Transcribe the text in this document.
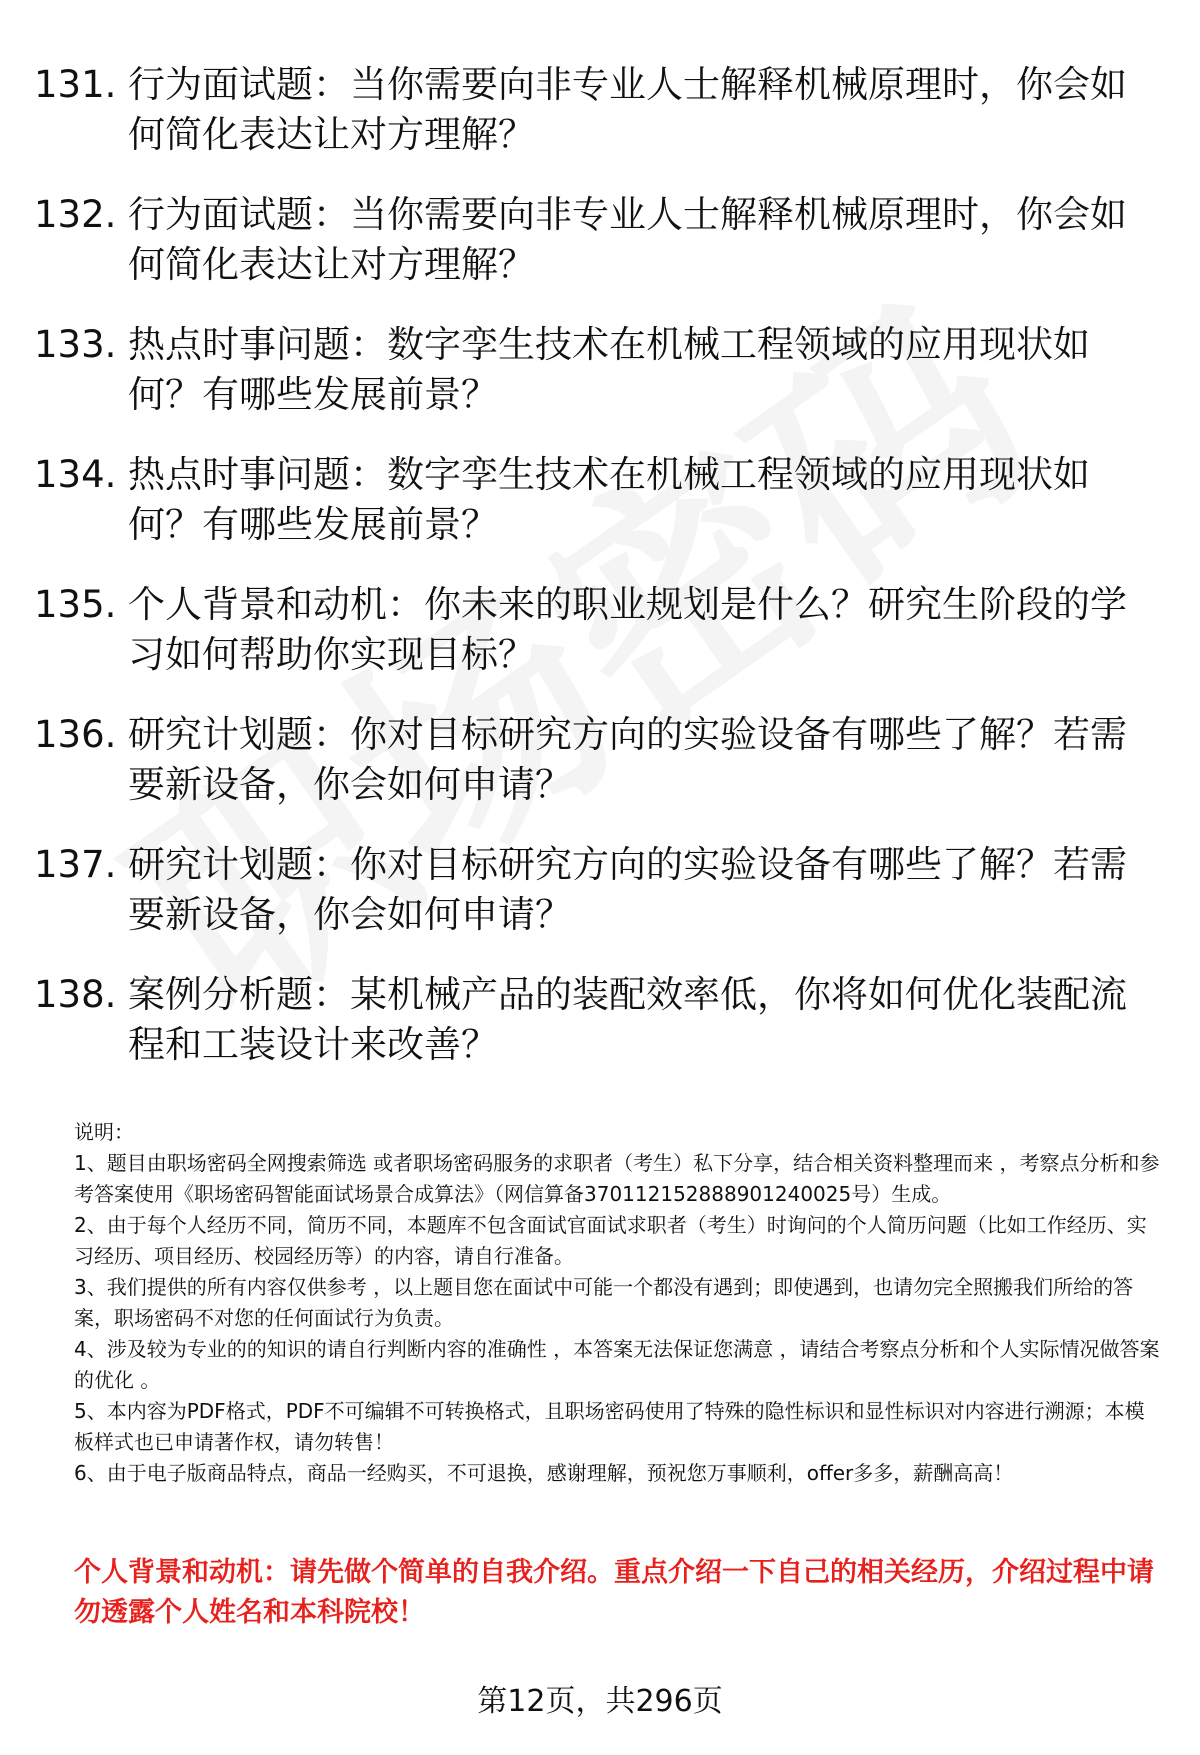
131. 行为面试题：当你需要向非专业人士解释机械原理时，你会如何简化表达让对方理解？
132. 行为面试题：当你需要向非专业人士解释机械原理时，你会如何简化表达让对方理解？
133. 热点时事问题：数字孪生技术在机械工程领域的应用现状如何？有哪些发展前景？
134. 热点时事问题：数字孪生技术在机械工程领域的应用现状如何？有哪些发展前景？
135. 个人背景和动机：你未来的职业规划是什么？研究生阶段的学习如何帮助你实现目标？
136. 研究计划题：你对目标研究方向的实验设备有哪些了解？若需要新设备，你会如何申请？
137. 研究计划题：你对目标研究方向的实验设备有哪些了解？若需要新设备，你会如何申请？
138. 案例分析题：某机械产品的装配效率低，你将如何优化装配流程和工装设计来改善？

说明：

1、题目由职场密码全网搜索筛选 或者职场密码服务的求职者（考生）私下分享，结合相关资料整理而来 ，考察点分析和参考答案使用《职场密码智能面试场景合成算法》（网信算备370112152888901240025号）生成。

2、由于每个人经历不同，简历不同，本题库不包含面试官面试求职者（考生）时询问的个人简历问题（比如工作经历、实习经历、项目经历、校园经历等）的内容，请自行准备。

3、我们提供的所有内容仅供参考 ，以上题目您在面试中可能一个都没有遇到；即使遇到，也请勿完全照搬我们所给的答案，职场密码不对您的任何面试行为负责。

4、涉及较为专业的的知识的请自行判断内容的准确性 ，本答案无法保证您满意 ，请结合考察点分析和个人实际情况做答案的优化 。

5、本内容为PDF格式，PDF不可编辑不可转换格式，且职场密码使用了特殊的隐性标识和显性标识对内容进行溯源；本模板样式也已申请著作权，请勿转售！

6、由于电子版商品特点，商品一经购买，不可退换，感谢理解，预祝您万事顺利，offer多多，薪酬高高！

个人背景和动机：请先做个简单的自我介绍。重点介绍一下自己的相关经历，介绍过程中请勿透露个人姓名和本科院校！
第12页，共296页
